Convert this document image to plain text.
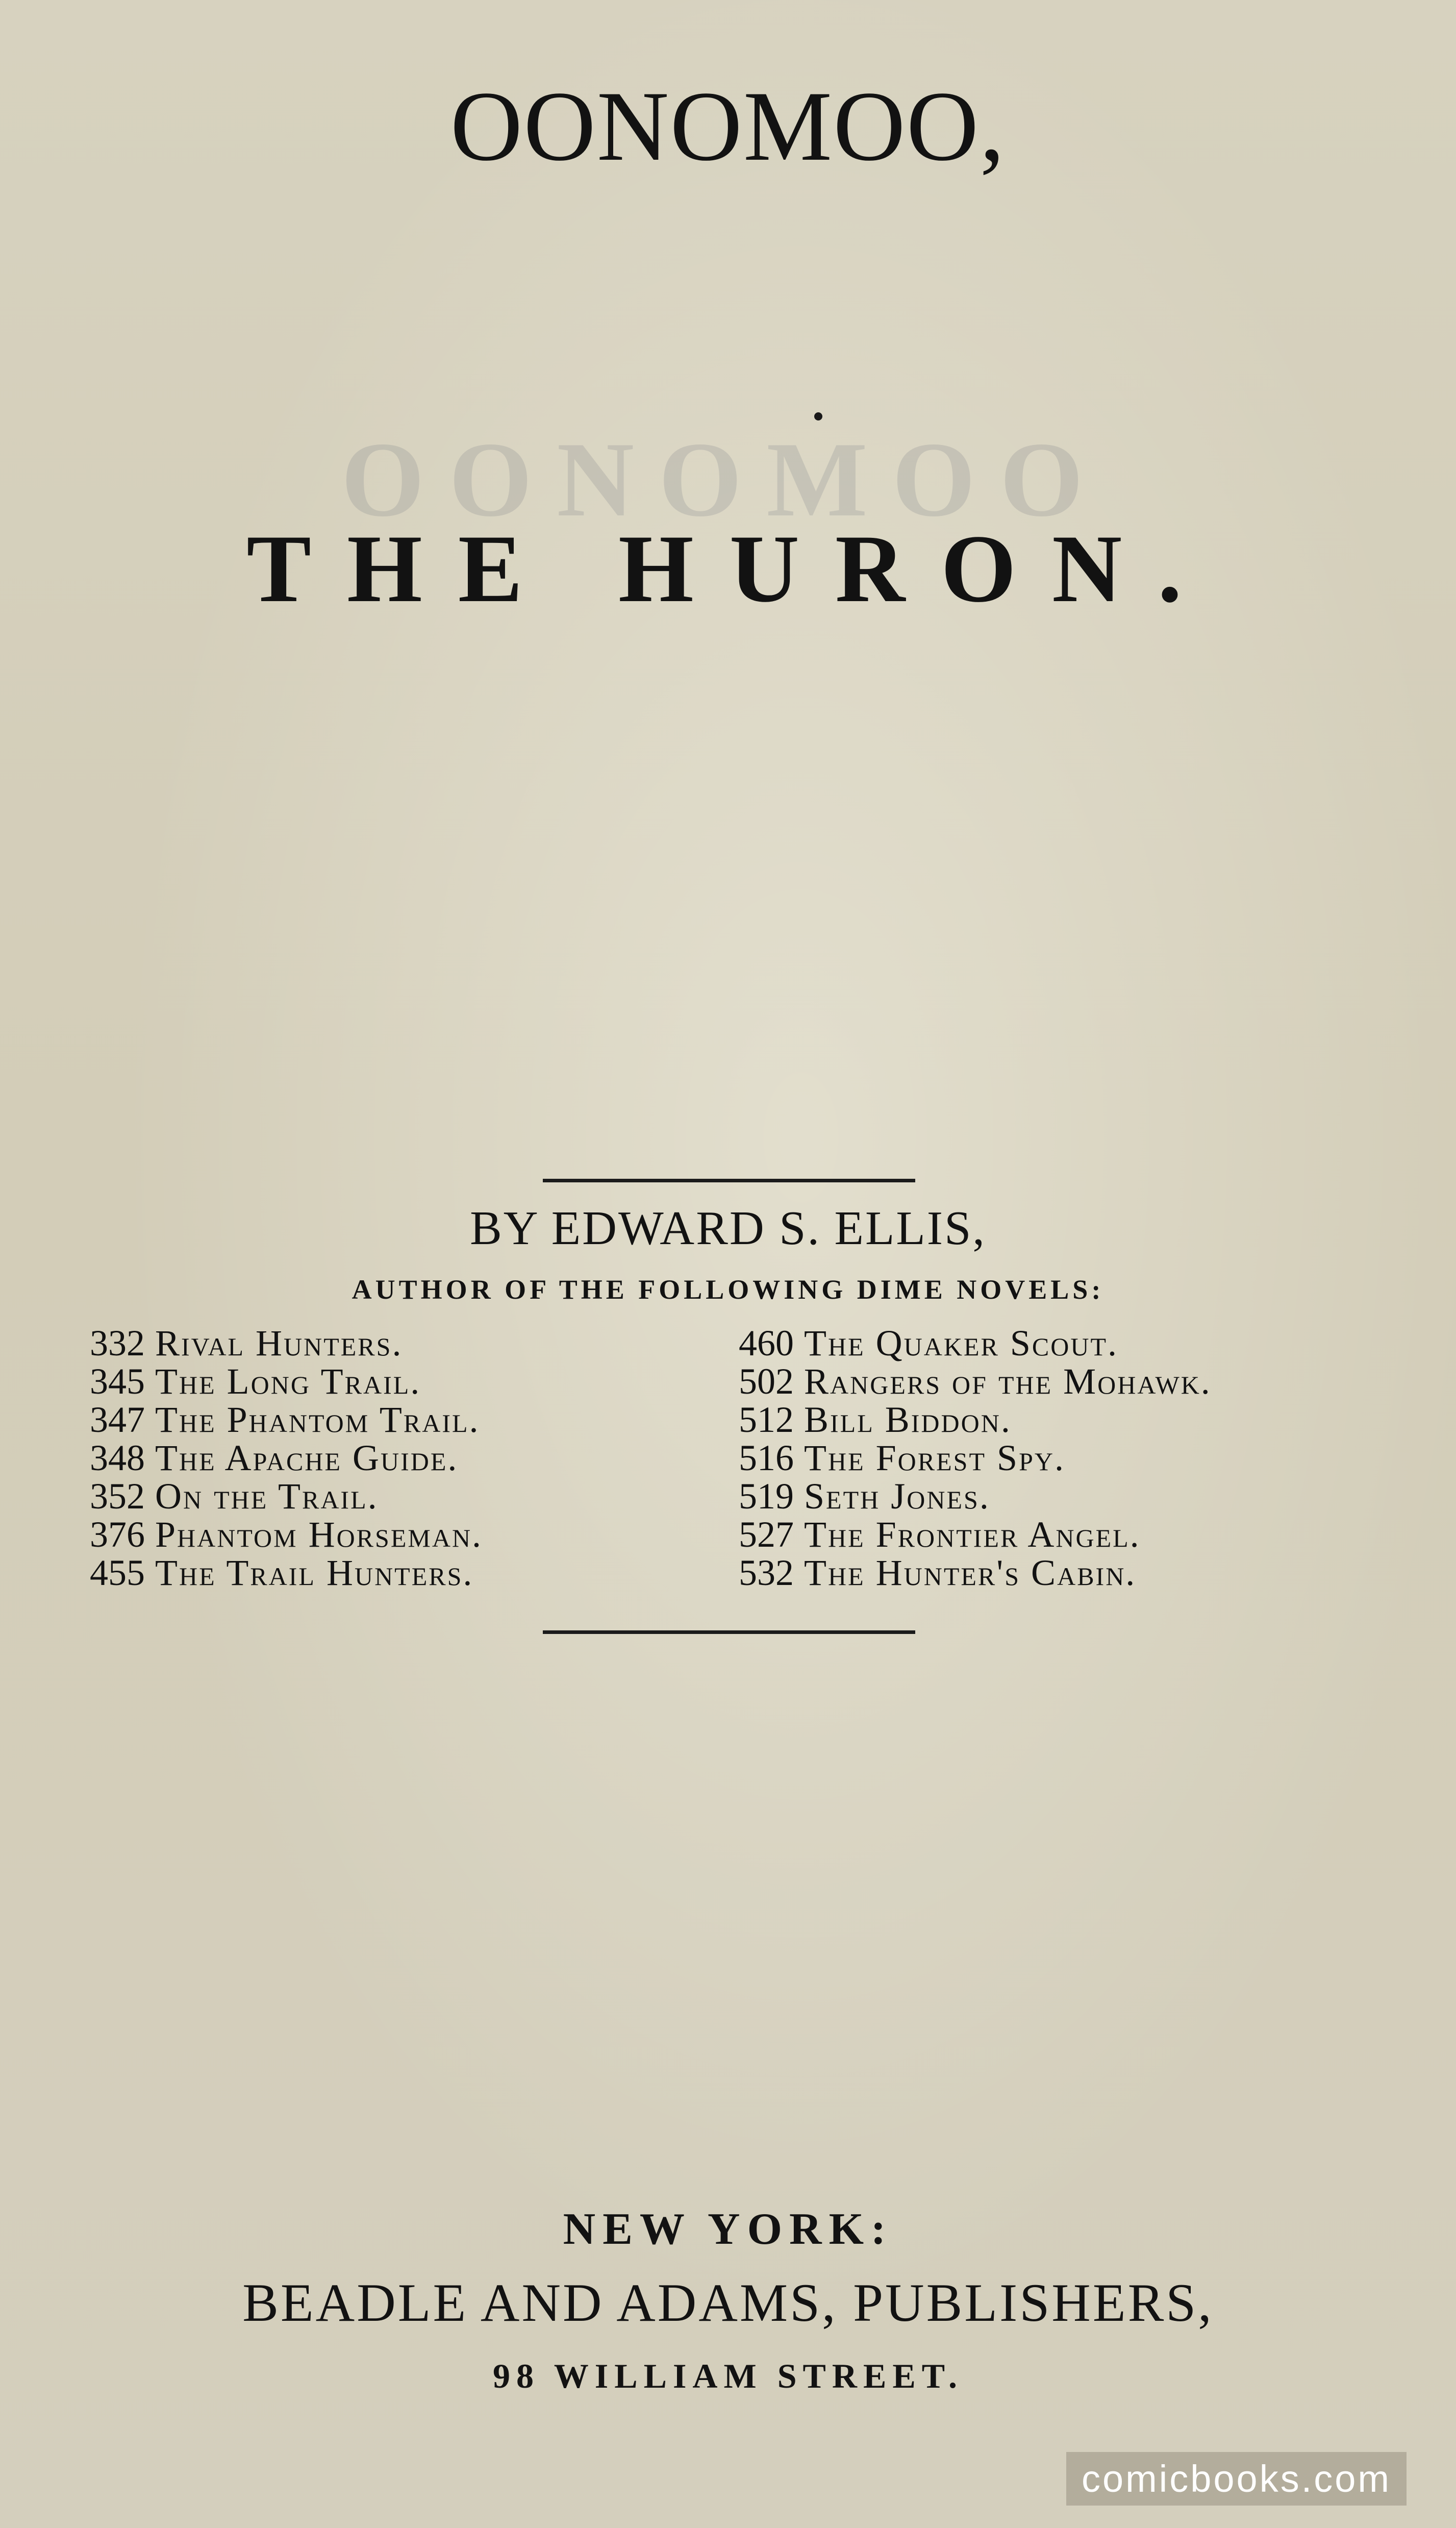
OONOMOO
OONOMOO,
THE HURON.
BY EDWARD S. ELLIS,
AUTHOR OF THE FOLLOWING DIME NOVELS:
332 Rival Hunters.
345 The Long Trail.
347 The Phantom Trail.
348 The Apache Guide.
352 On the Trail.
376 Phantom Horseman.
455 The Trail Hunters.
460 The Quaker Scout.
502 Rangers of the Mohawk.
512 Bill Biddon.
516 The Forest Spy.
519 Seth Jones.
527 The Frontier Angel.
532 The Hunter's Cabin.
NEW YORK:
BEADLE AND ADAMS, PUBLISHERS,
98 WILLIAM STREET.
comicbooks.com
